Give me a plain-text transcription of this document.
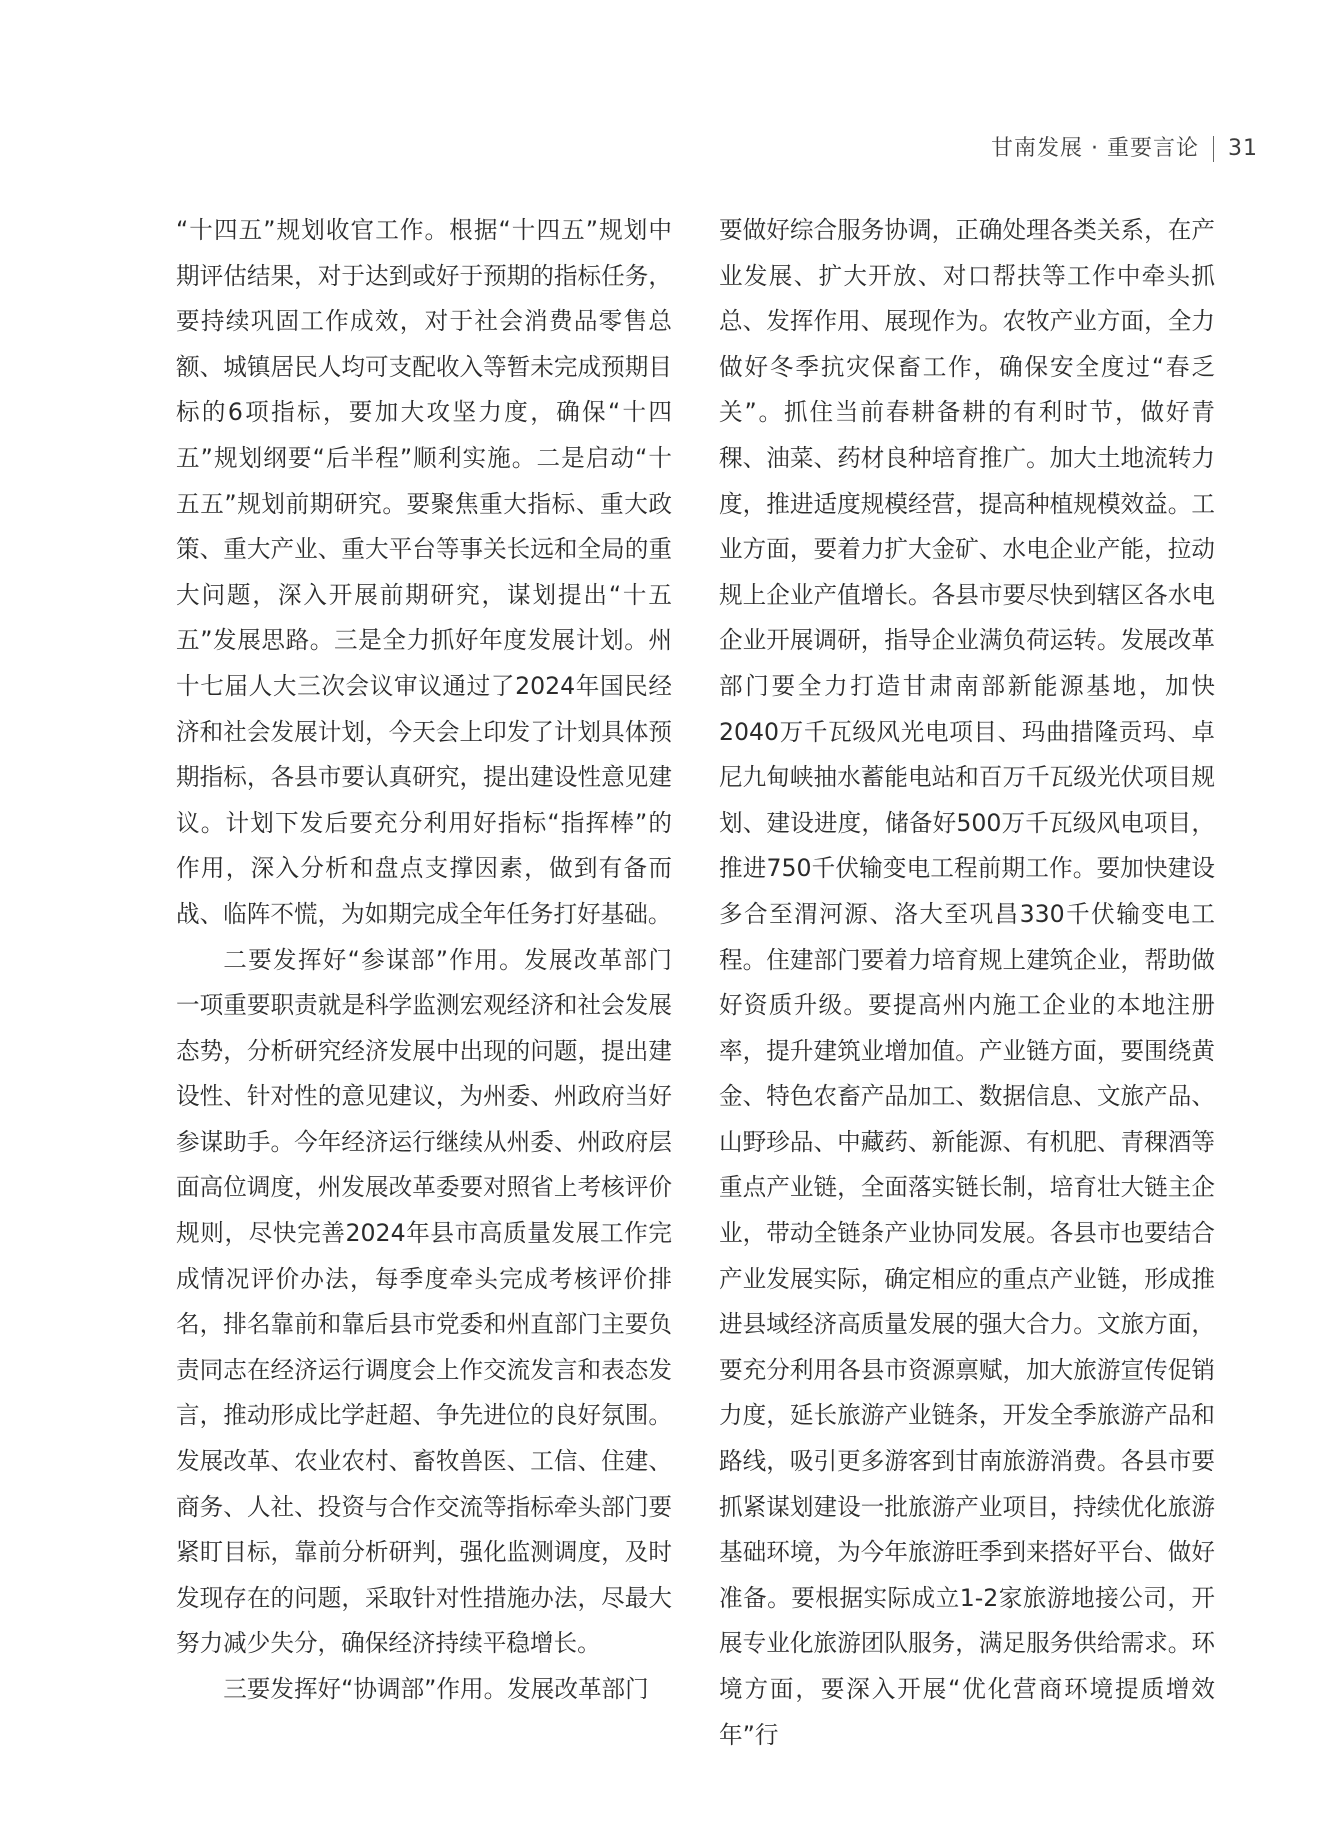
甘南发展 · 重要言论 31

“十四五”规划收官工作。根据“十四五”规划中期评估结果，对于达到或好于预期的指标任务，要持续巩固工作成效，对于社会消费品零售总额、城镇居民人均可支配收入等暂未完成预期目标的6项指标，要加大攻坚力度，确保“十四五”规划纲要“后半程”顺利实施。二是启动“十五五”规划前期研究。要聚焦重大指标、重大政策、重大产业、重大平台等事关长远和全局的重大问题，深入开展前期研究，谋划提出“十五五”发展思路。三是全力抓好年度发展计划。州十七届人大三次会议审议通过了2024年国民经济和社会发展计划，今天会上印发了计划具体预期指标，各县市要认真研究，提出建设性意见建议。计划下发后要充分利用好指标“指挥棒”的作用，深入分析和盘点支撑因素，做到有备而战、临阵不慌，为如期完成全年任务打好基础。

二要发挥好“参谋部”作用。发展改革部门一项重要职责就是科学监测宏观经济和社会发展态势，分析研究经济发展中出现的问题，提出建设性、针对性的意见建议，为州委、州政府当好参谋助手。今年经济运行继续从州委、州政府层面高位调度，州发展改革委要对照省上考核评价规则，尽快完善2024年县市高质量发展工作完成情况评价办法，每季度牵头完成考核评价排名，排名靠前和靠后县市党委和州直部门主要负责同志在经济运行调度会上作交流发言和表态发言，推动形成比学赶超、争先进位的良好氛围。发展改革、农业农村、畜牧兽医、工信、住建、商务、人社、投资与合作交流等指标牵头部门要紧盯目标，靠前分析研判，强化监测调度，及时发现存在的问题，采取针对性措施办法，尽最大努力减少失分，确保经济持续平稳增长。

三要发挥好“协调部”作用。发展改革部门

要做好综合服务协调，正确处理各类关系，在产业发展、扩大开放、对口帮扶等工作中牵头抓总、发挥作用、展现作为。农牧产业方面，全力做好冬季抗灾保畜工作，确保安全度过“春乏关”。抓住当前春耕备耕的有利时节，做好青稞、油菜、药材良种培育推广。加大土地流转力度，推进适度规模经营，提高种植规模效益。工业方面，要着力扩大金矿、水电企业产能，拉动规上企业产值增长。各县市要尽快到辖区各水电企业开展调研，指导企业满负荷运转。发展改革部门要全力打造甘肃南部新能源基地，加快2040万千瓦级风光电项目、玛曲措隆贡玛、卓尼九甸峡抽水蓄能电站和百万千瓦级光伏项目规划、建设进度，储备好500万千瓦级风电项目，推进750千伏输变电工程前期工作。要加快建设多合至渭河源、洛大至巩昌330千伏输变电工程。住建部门要着力培育规上建筑企业，帮助做好资质升级。要提高州内施工企业的本地注册率，提升建筑业增加值。产业链方面，要围绕黄金、特色农畜产品加工、数据信息、文旅产品、山野珍品、中藏药、新能源、有机肥、青稞酒等重点产业链，全面落实链长制，培育壮大链主企业，带动全链条产业协同发展。各县市也要结合产业发展实际，确定相应的重点产业链，形成推进县域经济高质量发展的强大合力。文旅方面，要充分利用各县市资源禀赋，加大旅游宣传促销力度，延长旅游产业链条，开发全季旅游产品和路线，吸引更多游客到甘南旅游消费。各县市要抓紧谋划建设一批旅游产业项目，持续优化旅游基础环境，为今年旅游旺季到来搭好平台、做好准备。要根据实际成立1-2家旅游地接公司，开展专业化旅游团队服务，满足服务供给需求。环境方面，要深入开展“优化营商环境提质增效年”行
